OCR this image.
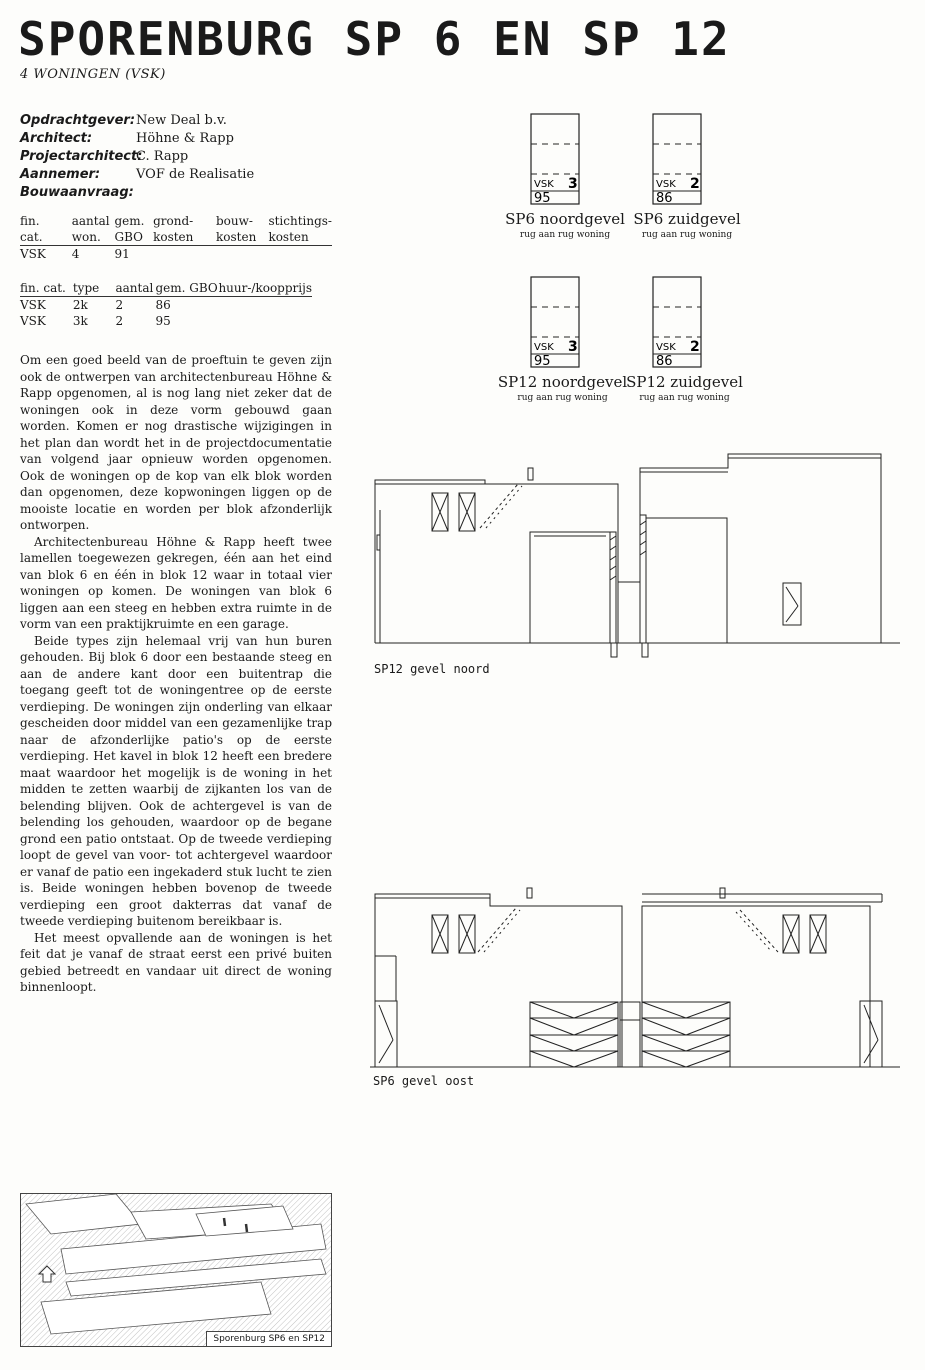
SPORENBURG SP 6 EN SP 12
4 WONINGEN (VSK)
Opdrachtgever: New Deal b.v.
Architect:	Höhne & Rapp
Projectarchitect:
C. Rapp
Aannemer:	VOF de Realisatie
Bouwaanvraag:
fin.	aantal	gem.	grond-	bouw-	stichtings-
cat.	won.	GBO	kosten	kosten	kosten
VSK	4	91			
fin. cat.	type	aantal	gem. GBO	huur-/koopprijs
VSK	2k	2	86	
VSK	3k	2	95	

Om een goed beeld van de proeftuin te geven zijn ook de ontwerpen van architectenbureau Höhne & Rapp opgenomen, al is nog lang niet zeker dat de woningen ook in deze vorm gebouwd gaan worden. Komen er nog drastische wijzigingen in het plan dan wordt het in de projectdocumentatie van volgend jaar opnieuw worden opgenomen. Ook de woningen op de kop van elk blok worden dan opgenomen, deze kopwoningen liggen op de mooiste locatie en worden per blok afzonderlijk ontworpen.

Architectenbureau Höhne & Rapp heeft twee lamellen toegewezen gekregen, één aan het eind van blok 6 en één in blok 12 waar in totaal vier woningen op komen. De woningen van blok 6 liggen aan een steeg en hebben extra ruimte in de vorm van een praktijkruimte en een garage.

Beide types zijn helemaal vrij van hun buren gehouden. Bij blok 6 door een bestaande steeg en aan de andere kant door een buitentrap die toegang geeft tot de woningentree op de eerste verdieping. De woningen zijn onderling van elkaar gescheiden door middel van een gezamenlijke trap naar de afzonderlijke patio's op de eerste verdieping. Het kavel in blok 12 heeft een bredere maat waardoor het mogelijk is de woning in het midden te zetten waarbij de zijkanten los van de belending blijven. Ook de achtergevel is van de belending los gehouden, waardoor op de begane grond een patio ontstaat. Op de tweede verdieping loopt de gevel van voor- tot achtergevel waardoor er vanaf de patio een ingekaderd stuk lucht te zien is. Beide woningen hebben bovenop de tweede verdieping een groot dakterras dat vanaf de tweede verdieping buitenom bereikbaar is.

Het meest opvallende aan de woningen is het feit dat je vanaf de straat eerst een privé buiten gebied betreedt en vandaar uit direct de woning binnenloopt.

VSK 3
95
SP6 noordgevel
rug aan rug woning
VSK 2
86
SP6 zuidgevel
rug aan rug woning
VSK 3
95
SP12 noordgevel
rug aan rug woning
VSK 2
86
SP12 zuidgevel
rug aan rug woning
SP12 gevel noord
SP6 gevel oost
Sporenburg SP6 en SP12
